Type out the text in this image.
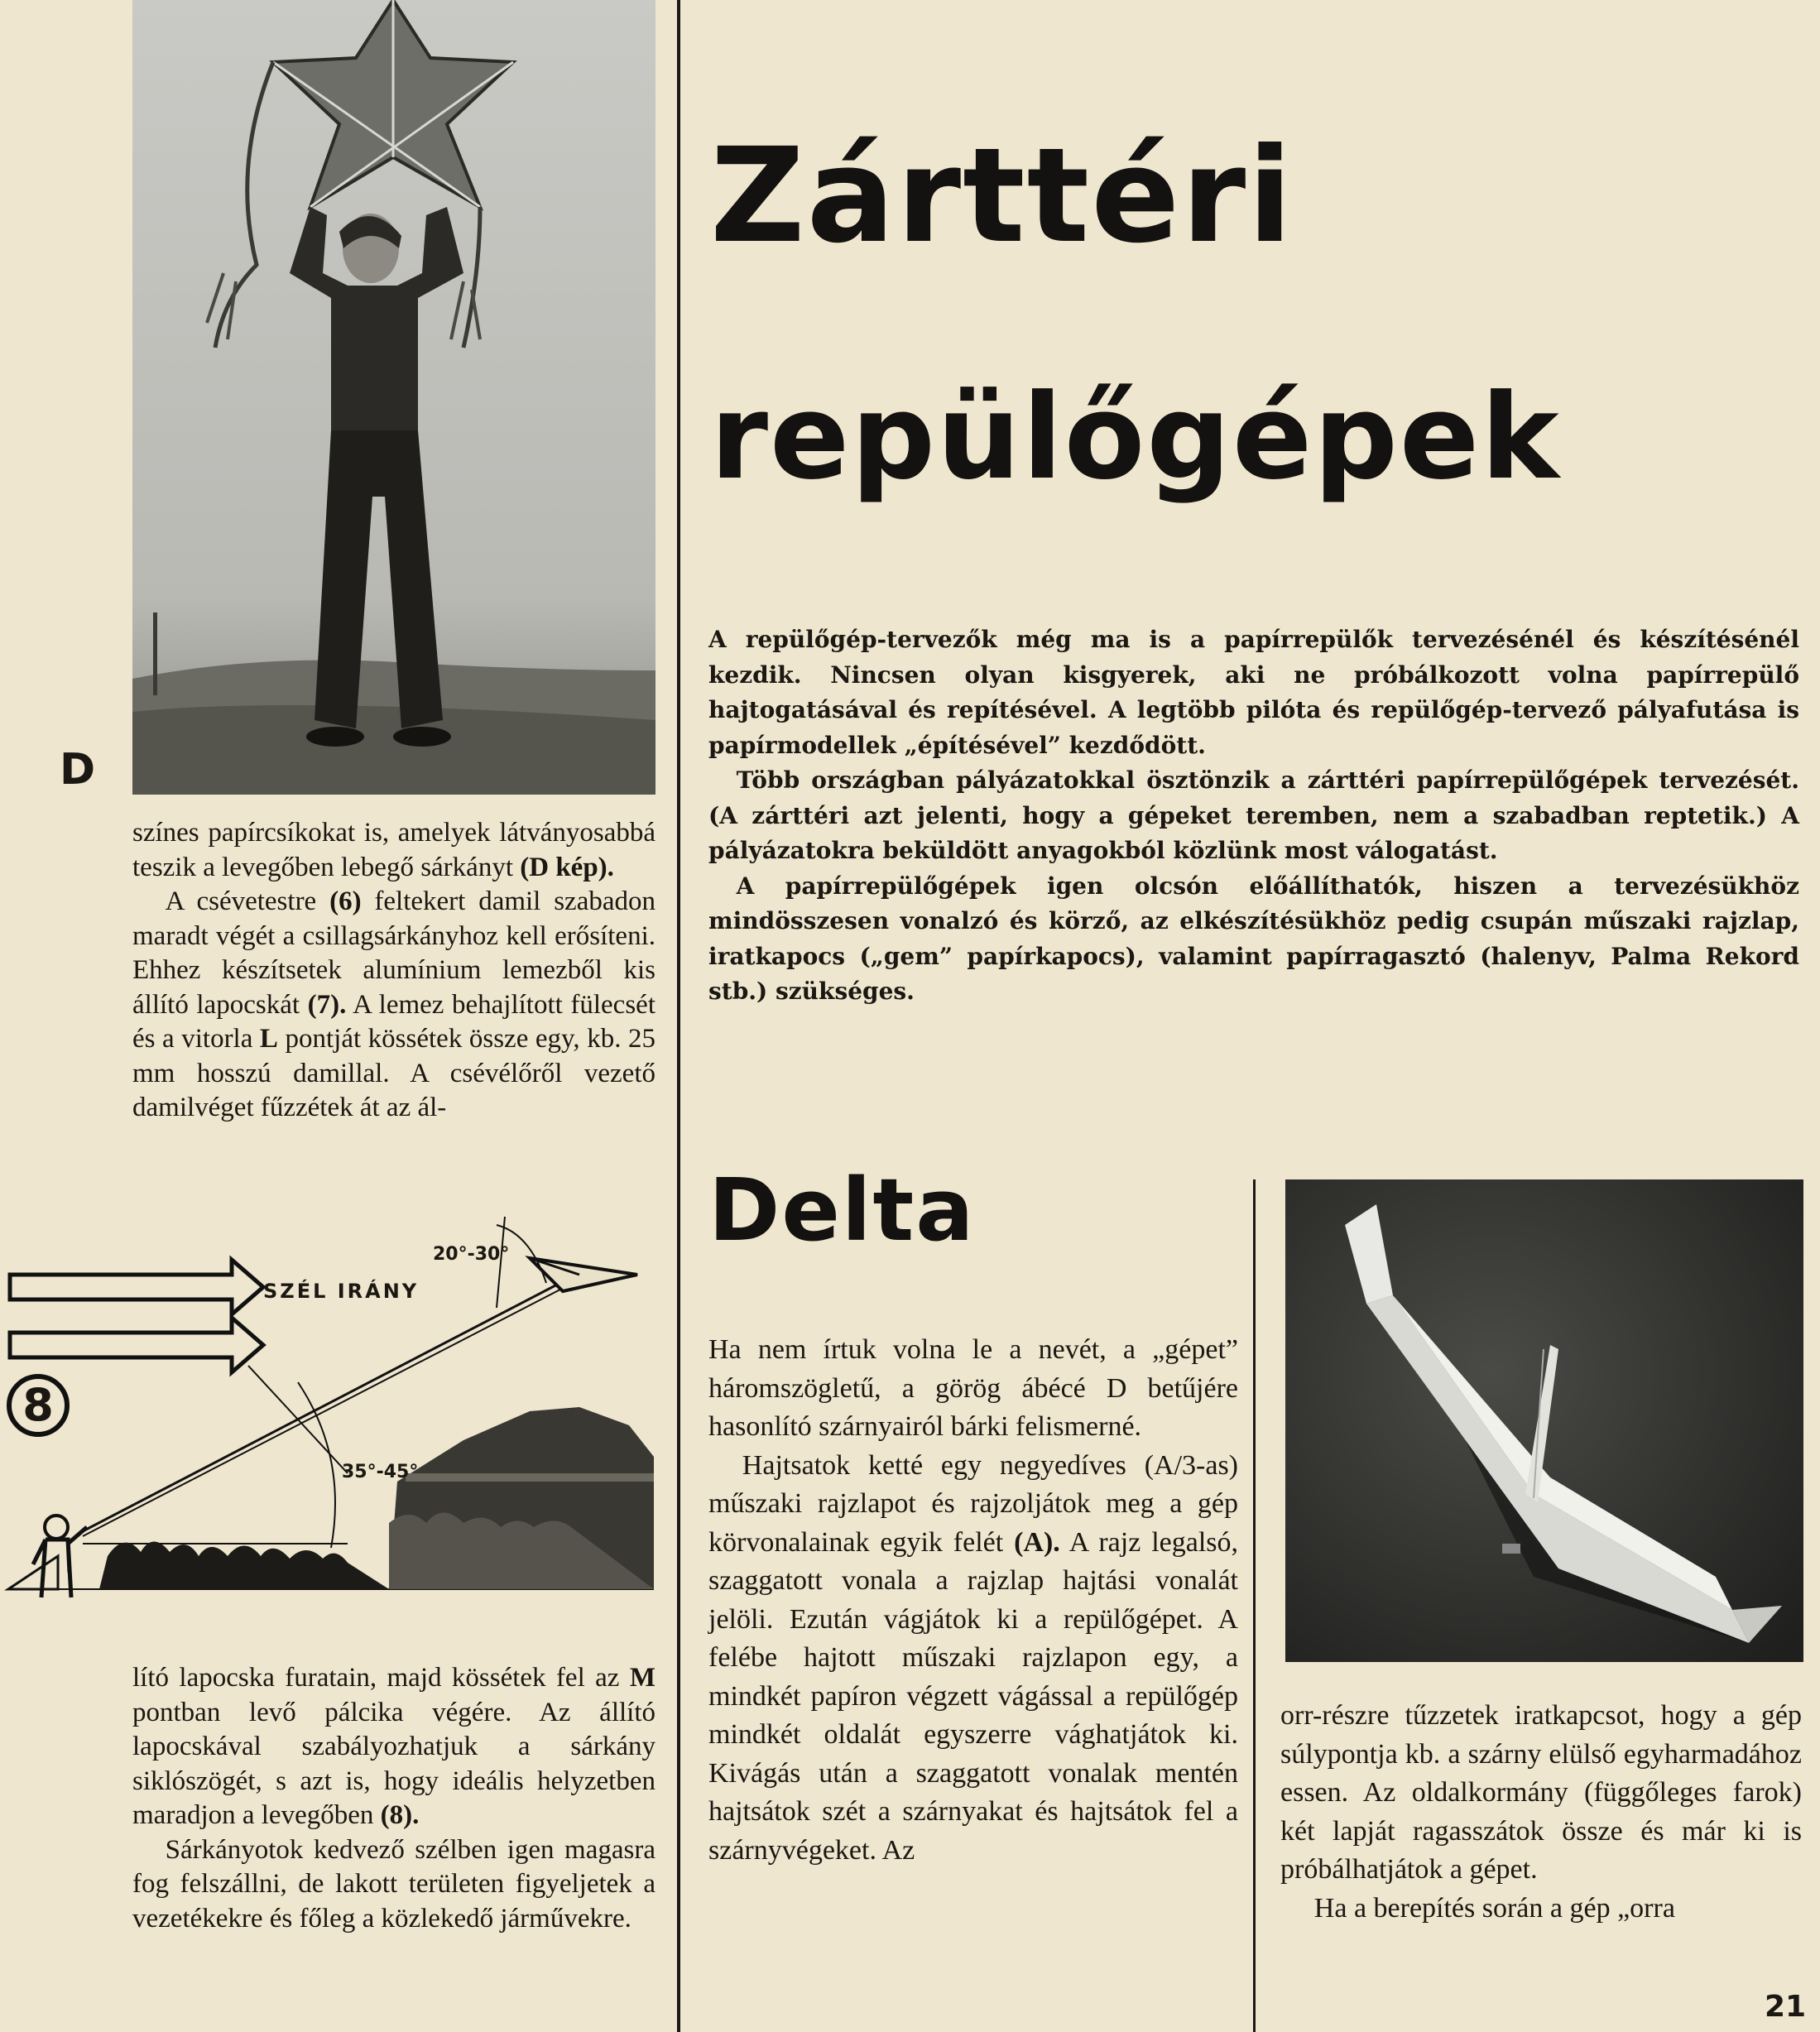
D

színes papírcsíkokat is, amelyek látványosabbá teszik a levegőben lebegő sárkányt (D kép).

A csévetestre (6) feltekert damil szabadon maradt végét a csillagsárkányhoz kell erősíteni. Ehhez készítsetek alumínium lemezből kis állító lapocskát (7). A lemez behajlított fülecsét és a vitorla L pontját kössétek össze egy, kb. 25 mm hosszú damillal. A csévélőről vezető damilvéget fűzzétek át az ál-

8
SZÉL IRÁNY
20°-30°
35°-45°

lító lapocska furatain, majd kössétek fel az M pontban levő pálcika végére. Az állító lapocskával szabályozhatjuk a sárkány siklószögét, s azt is, hogy ideális helyzetben maradjon a levegőben (8).

Sárkányotok kedvező szélben igen magasra fog felszállni, de lakott területen figyeljetek a vezetékekre és főleg a közlekedő járművekre.

Zárttéri
repülőgépek

A repülőgép-tervezők még ma is a papírrepülők tervezésénél és készítésénél kezdik. Nincsen olyan kisgyerek, aki ne próbálkozott volna papírrepülő hajtogatásával és repítésével. A legtöbb pilóta és repülőgép-tervező pályafutása is papírmodellek „építésével” kezdődött.

Több országban pályázatokkal ösztönzik a zárttéri papírrepülőgépek tervezését. (A zárttéri azt jelenti, hogy a gépeket teremben, nem a szabadban reptetik.) A pályázatokra beküldött anyagokból közlünk most válogatást.

A papírrepülőgépek igen olcsón előállíthatók, hiszen a tervezésükhöz mindösszesen vonalzó és körző, az elkészítésükhöz pedig csupán műszaki rajzlap, iratkapocs („gem” papírkapocs), valamint papírragasztó (halenyv, Palma Rekord stb.) szükséges.

Delta

Ha nem írtuk volna le a nevét, a „gépet” háromszögletű, a görög ábécé D betűjére hasonlító szárnyairól bárki felismerné.

Hajtsatok ketté egy negyedíves (A/3-as) műszaki rajzlapot és rajzoljátok meg a gép körvonalainak egyik felét (A). A rajz legalsó, szaggatott vonala a rajzlap hajtási vonalát jelöli. Ezután vágjátok ki a repülőgépet. A felébe hajtott műszaki rajzlapon egy, a mindkét papíron végzett vágással a repülőgép mindkét oldalát egyszerre vághatjátok ki. Kivágás után a szaggatott vonalak mentén hajtsátok szét a szárnyakat és hajtsátok fel a szárnyvégeket. Az

orr-részre tűzzetek iratkapcsot, hogy a gép súlypontja kb. a szárny elülső egyharmadához essen. Az oldalkormány (függőleges farok) két lapját ragasszátok össze és már ki is próbálhatjátok a gépet.

Ha a berepítés során a gép „orra

21
